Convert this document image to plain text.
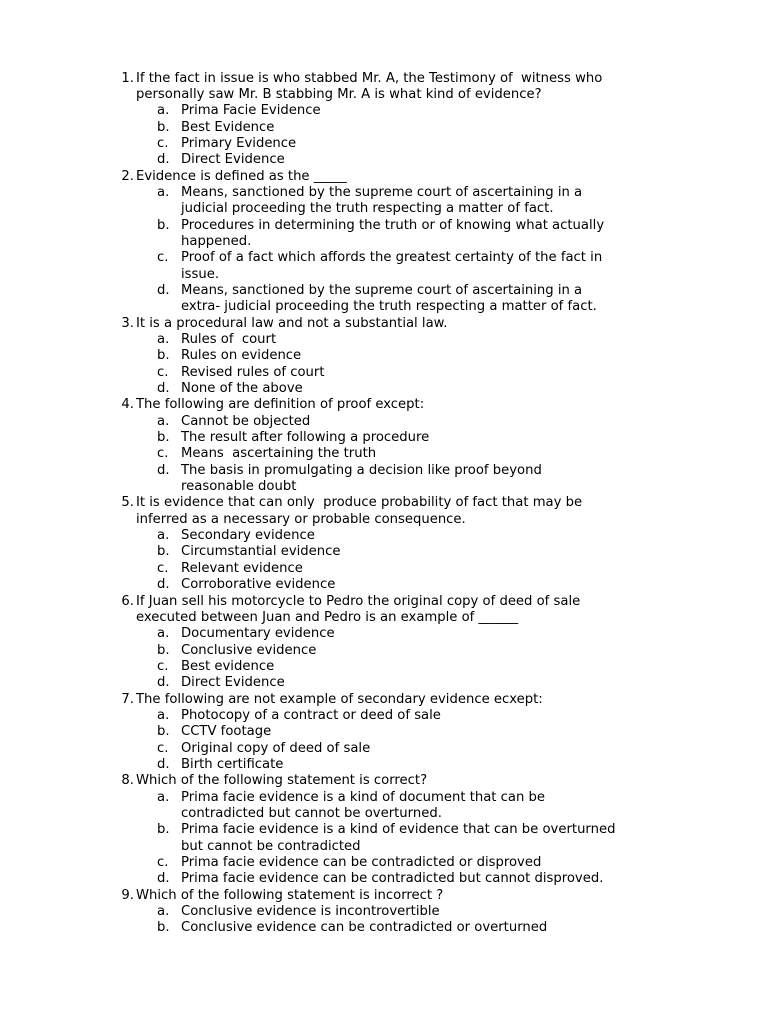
1. If the fact in issue is who stabbed Mr. A, the Testimony of  witness who
personally saw Mr. B stabbing Mr. A is what kind of evidence?
a. Prima Facie Evidence
b. Best Evidence
c. Primary Evidence
d. Direct Evidence
2. Evidence is defined as the _____
a. Means, sanctioned by the supreme court of ascertaining in a
judicial proceeding the truth respecting a matter of fact.
b. Procedures in determining the truth or of knowing what actually
happened.
c. Proof of a fact which affords the greatest certainty of the fact in
issue.
d. Means, sanctioned by the supreme court of ascertaining in a
extra- judicial proceeding the truth respecting a matter of fact.
3. It is a procedural law and not a substantial law.
a. Rules of  court
b. Rules on evidence
c. Revised rules of court
d. None of the above
4. The following are definition of proof except:
a. Cannot be objected
b. The result after following a procedure
c. Means  ascertaining the truth
d. The basis in promulgating a decision like proof beyond
reasonable doubt
5. It is evidence that can only  produce probability of fact that may be
inferred as a necessary or probable consequence.
a. Secondary evidence
b. Circumstantial evidence
c. Relevant evidence
d. Corroborative evidence
6. If Juan sell his motorcycle to Pedro the original copy of deed of sale
executed between Juan and Pedro is an example of ______
a. Documentary evidence
b. Conclusive evidence
c. Best evidence
d. Direct Evidence
7. The following are not example of secondary evidence ecxept:
a. Photocopy of a contract or deed of sale
b. CCTV footage
c. Original copy of deed of sale
d. Birth certificate
8. Which of the following statement is correct?
a. Prima facie evidence is a kind of document that can be
contradicted but cannot be overturned.
b. Prima facie evidence is a kind of evidence that can be overturned
but cannot be contradicted
c. Prima facie evidence can be contradicted or disproved
d. Prima facie evidence can be contradicted but cannot disproved.
9. Which of the following statement is incorrect ?
a. Conclusive evidence is incontrovertible
b. Conclusive evidence can be contradicted or overturned
